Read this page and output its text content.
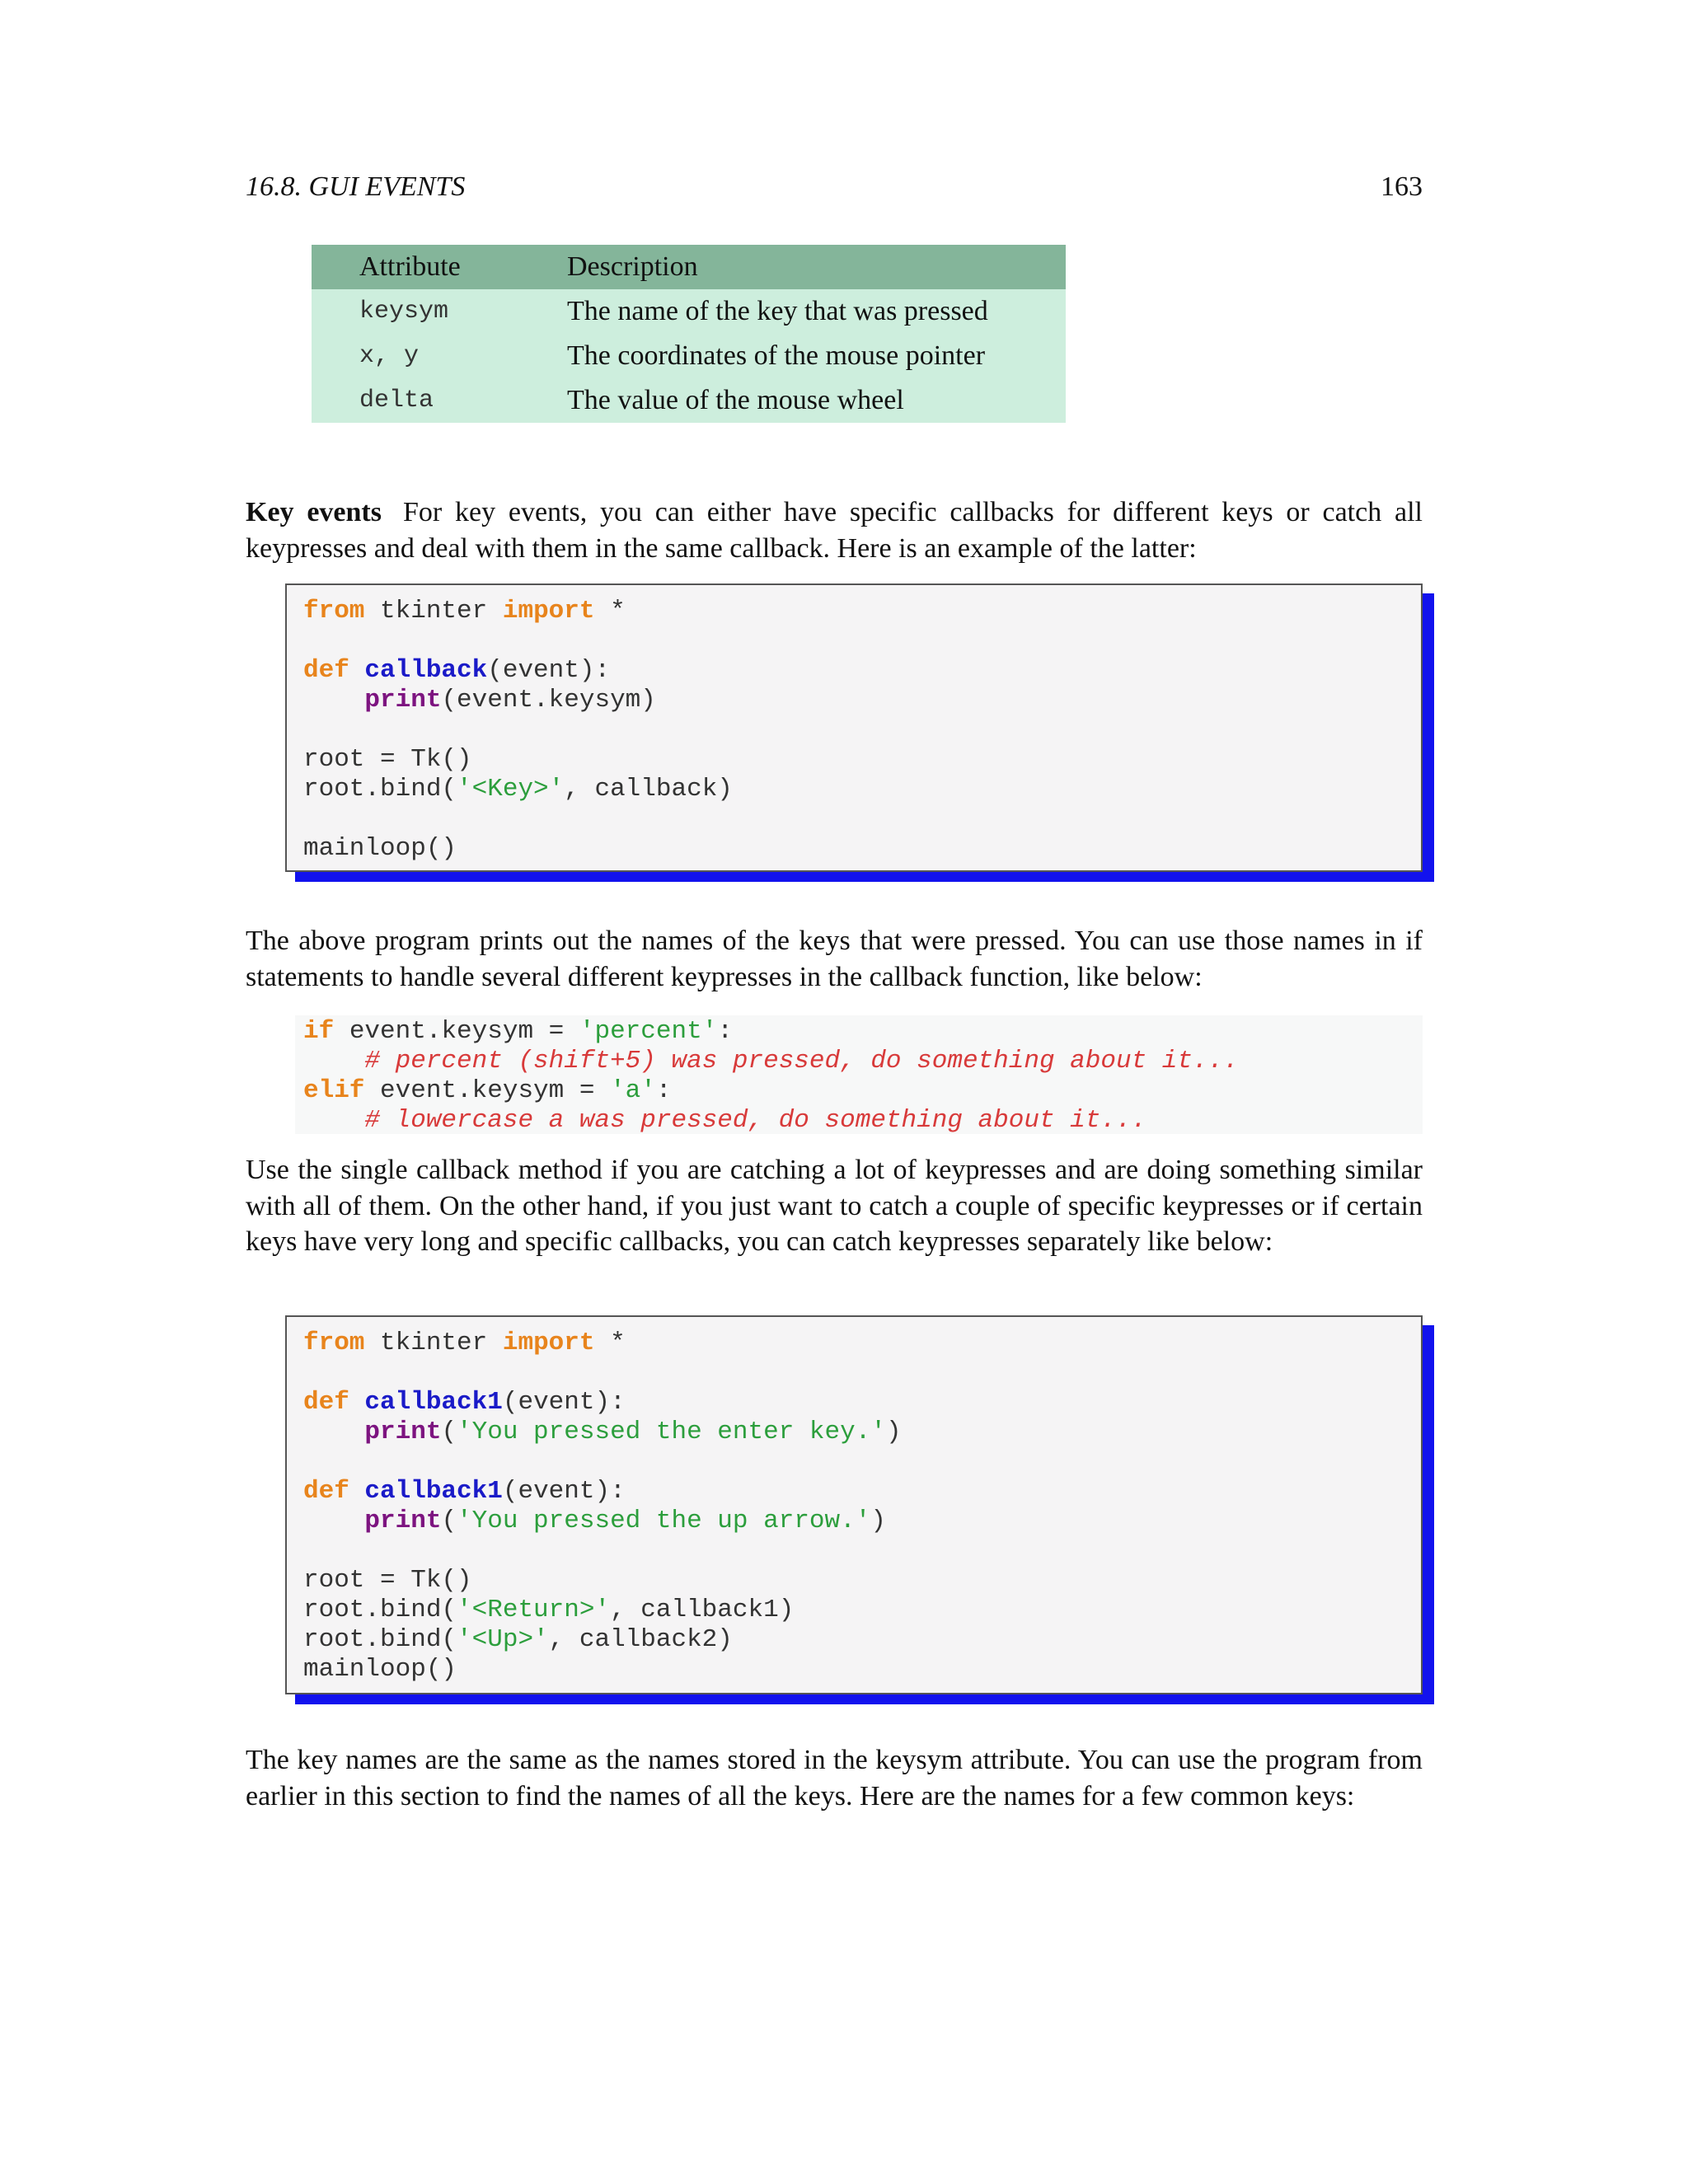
16.8. GUI EVENTS	163
Attribute	Description
keysym	The name of the key that was pressed
x, y	The coordinates of the mouse pointer
delta	The value of the mouse wheel

Key events For key events, you can either have specific callbacks for different keys or catch all keypresses and deal with them in the same callback. Here is an example of the latter:

from tkinter import *
def callback(event):
print(event.keysym)
root = Tk()
root.bind('<Key>', callback)
mainloop()

The above program prints out the names of the keys that were pressed. You can use those names in if statements to handle several different keypresses in the callback function, like below:

if event.keysym = 'percent':
# percent (shift+5) was pressed, do something about it...
elif event.keysym = 'a':
# lowercase a was pressed, do something about it...

Use the single callback method if you are catching a lot of keypresses and are doing something similar with all of them. On the other hand, if you just want to catch a couple of specific keypresses or if certain keys have very long and specific callbacks, you can catch keypresses separately like below:

from tkinter import *
def callback1(event):
print('You pressed the enter key.')
def callback1(event):
print('You pressed the up arrow.')
root = Tk()
root.bind('<Return>', callback1)
root.bind('<Up>', callback2)
mainloop()

The key names are the same as the names stored in the keysym attribute. You can use the program from earlier in this section to find the names of all the keys. Here are the names for a few common keys:
